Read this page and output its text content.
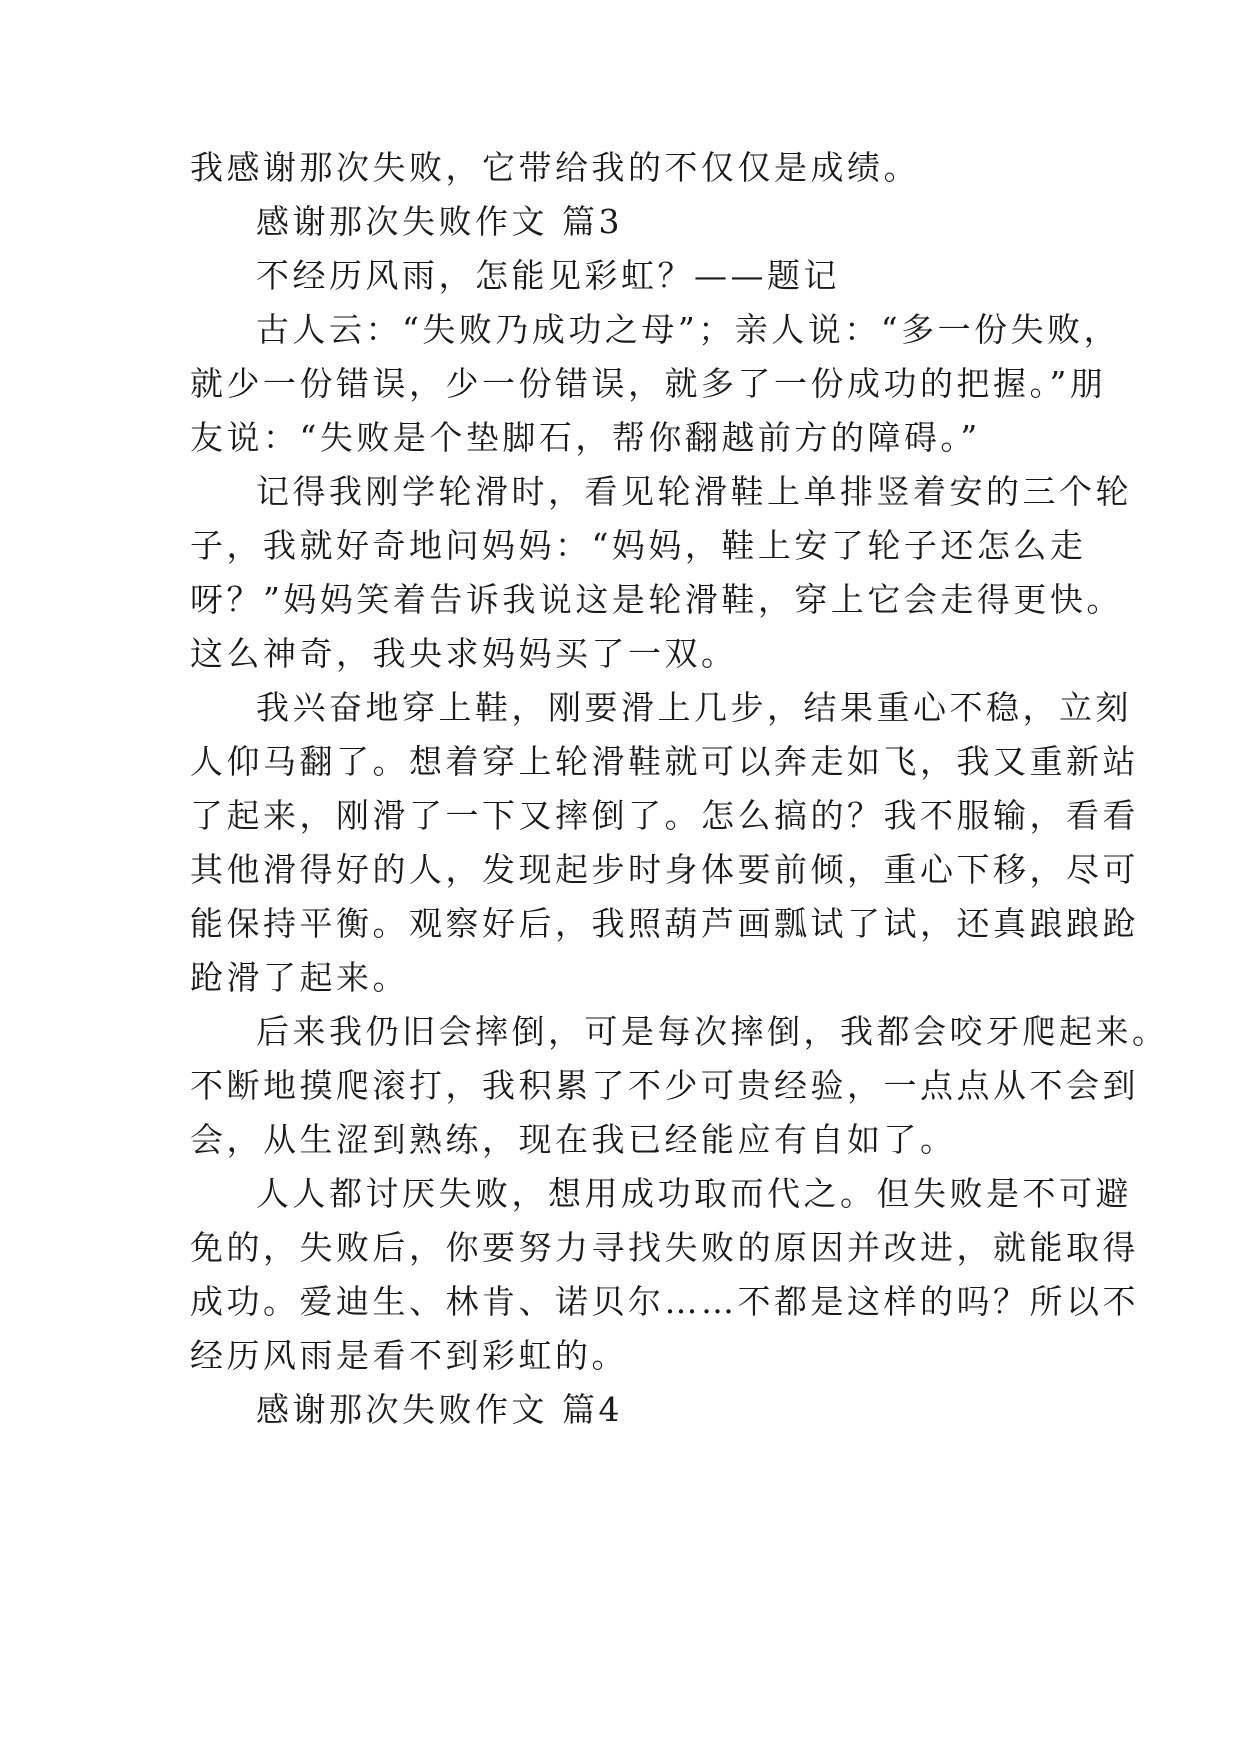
我感谢那次失败，它带给我的不仅仅是成绩。
感谢那次失败作文 篇3
不经历风雨，怎能见彩虹？——题记
古人云：“失败乃成功之母”；亲人说：“多一份失败，
就少一份错误，少一份错误，就多了一份成功的把握。”朋
友说：“失败是个垫脚石，帮你翻越前方的障碍。”
记得我刚学轮滑时，看见轮滑鞋上单排竖着安的三个轮
子，我就好奇地问妈妈：“妈妈，鞋上安了轮子还怎么走
呀？”妈妈笑着告诉我说这是轮滑鞋，穿上它会走得更快。
这么神奇，我央求妈妈买了一双。
我兴奋地穿上鞋，刚要滑上几步，结果重心不稳，立刻
人仰马翻了。想着穿上轮滑鞋就可以奔走如飞，我又重新站
了起来，刚滑了一下又摔倒了。怎么搞的？我不服输，看看
其他滑得好的人，发现起步时身体要前倾，重心下移，尽可
能保持平衡。观察好后，我照葫芦画瓢试了试，还真踉踉跄
跄滑了起来。
后来我仍旧会摔倒，可是每次摔倒，我都会咬牙爬起来。
不断地摸爬滚打，我积累了不少可贵经验，一点点从不会到
会，从生涩到熟练，现在我已经能应有自如了。
人人都讨厌失败，想用成功取而代之。但失败是不可避
免的，失败后，你要努力寻找失败的原因并改进，就能取得
成功。爱迪生、林肯、诺贝尔……不都是这样的吗？所以不
经历风雨是看不到彩虹的。
感谢那次失败作文 篇4
